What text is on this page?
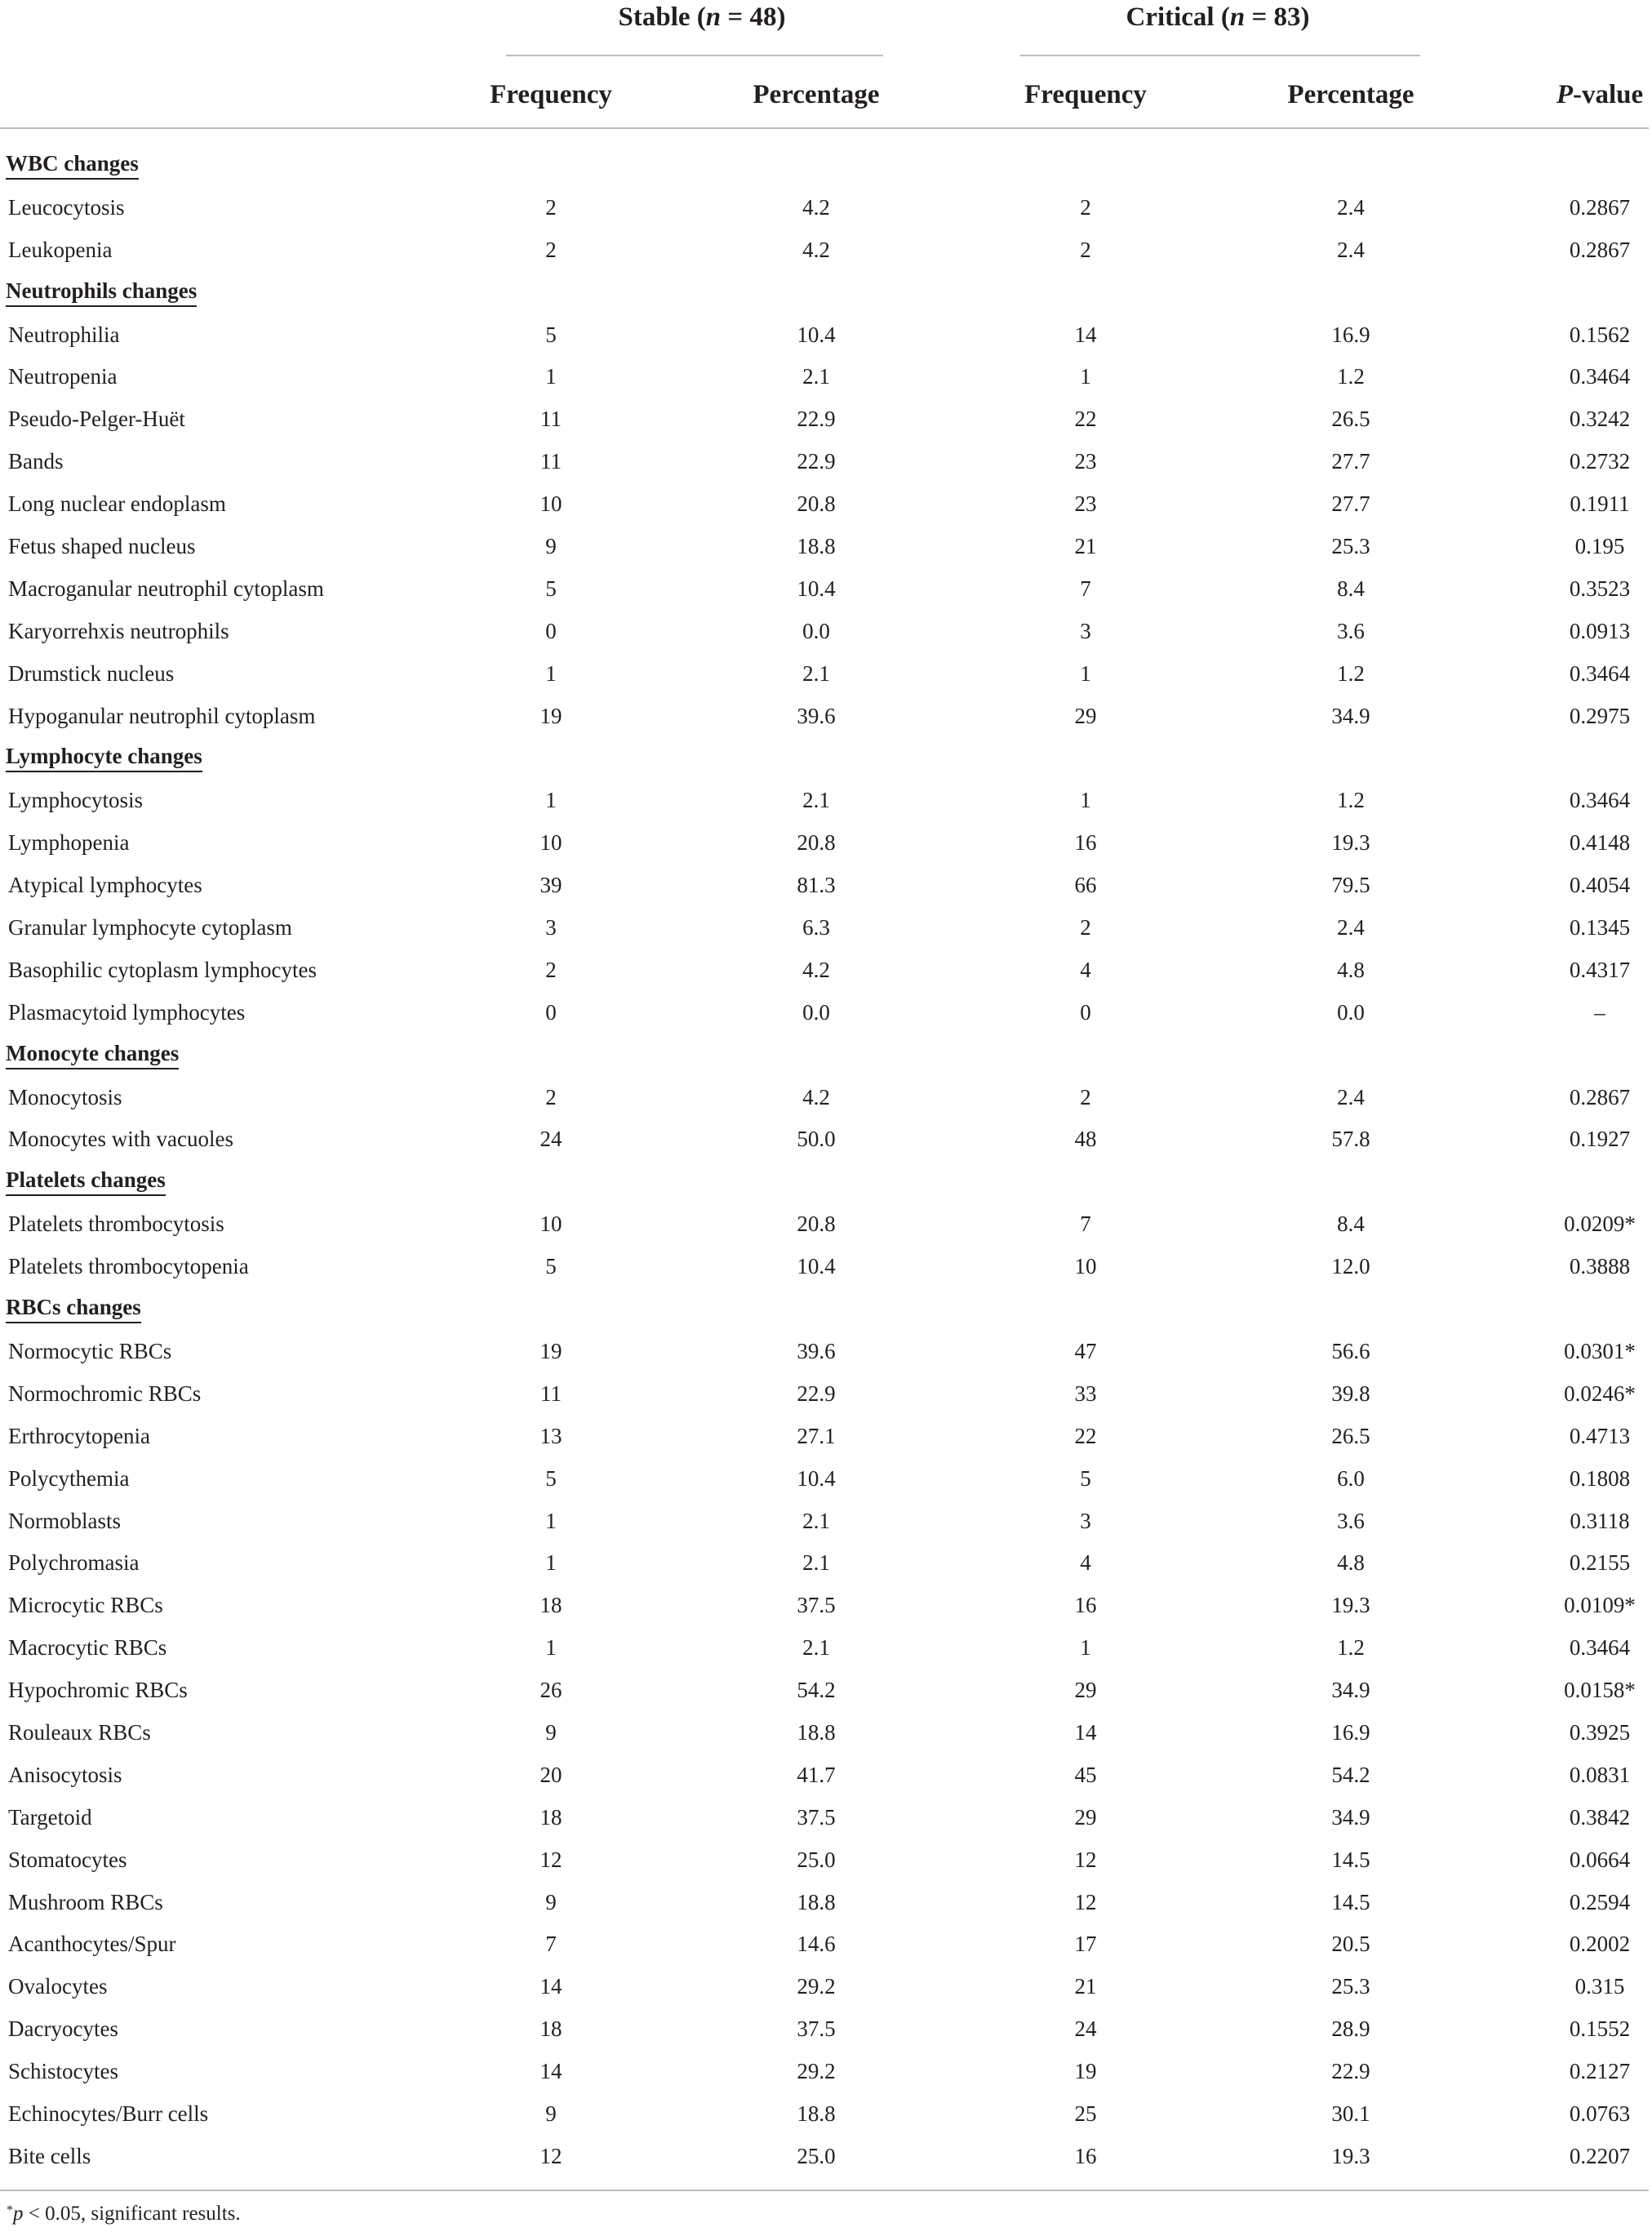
Stable (n = 48)	Critical (n = 83)
Frequency	Percentage	Frequency	Percentage	P-value
WBC changes
Leucocytosis	2	4.2	2	2.4	0.2867
Leukopenia	2	4.2	2	2.4	0.2867
Neutrophils changes
Neutrophilia	5	10.4	14	16.9	0.1562
Neutropenia	1	2.1	1	1.2	0.3464
Pseudo-Pelger-Huët	11	22.9	22	26.5	0.3242
Bands	11	22.9	23	27.7	0.2732
Long nuclear endoplasm	10	20.8	23	27.7	0.1911
Fetus shaped nucleus	9	18.8	21	25.3	0.195
Macroganular neutrophil cytoplasm	5	10.4	7	8.4	0.3523
Karyorrehxis neutrophils	0	0.0	3	3.6	0.0913
Drumstick nucleus	1	2.1	1	1.2	0.3464
Hypoganular neutrophil cytoplasm	19	39.6	29	34.9	0.2975
Lymphocyte changes
Lymphocytosis	1	2.1	1	1.2	0.3464
Lymphopenia	10	20.8	16	19.3	0.4148
Atypical lymphocytes	39	81.3	66	79.5	0.4054
Granular lymphocyte cytoplasm	3	6.3	2	2.4	0.1345
Basophilic cytoplasm lymphocytes	2	4.2	4	4.8	0.4317
Plasmacytoid lymphocytes	0	0.0	0	0.0	–
Monocyte changes
Monocytosis	2	4.2	2	2.4	0.2867
Monocytes with vacuoles	24	50.0	48	57.8	0.1927
Platelets changes
Platelets thrombocytosis	10	20.8	7	8.4	0.0209*
Platelets thrombocytopenia	5	10.4	10	12.0	0.3888
RBCs changes
Normocytic RBCs	19	39.6	47	56.6	0.0301*
Normochromic RBCs	11	22.9	33	39.8	0.0246*
Erthrocytopenia	13	27.1	22	26.5	0.4713
Polycythemia	5	10.4	5	6.0	0.1808
Normoblasts	1	2.1	3	3.6	0.3118
Polychromasia	1	2.1	4	4.8	0.2155
Microcytic RBCs	18	37.5	16	19.3	0.0109*
Macrocytic RBCs	1	2.1	1	1.2	0.3464
Hypochromic RBCs	26	54.2	29	34.9	0.0158*
Rouleaux RBCs	9	18.8	14	16.9	0.3925
Anisocytosis	20	41.7	45	54.2	0.0831
Targetoid	18	37.5	29	34.9	0.3842
Stomatocytes	12	25.0	12	14.5	0.0664
Mushroom RBCs	9	18.8	12	14.5	0.2594
Acanthocytes/Spur	7	14.6	17	20.5	0.2002
Ovalocytes	14	29.2	21	25.3	0.315
Dacryocytes	18	37.5	24	28.9	0.1552
Schistocytes	14	29.2	19	22.9	0.2127
Echinocytes/Burr cells	9	18.8	25	30.1	0.0763
Bite cells	12	25.0	16	19.3	0.2207
*p < 0.05, significant results.
